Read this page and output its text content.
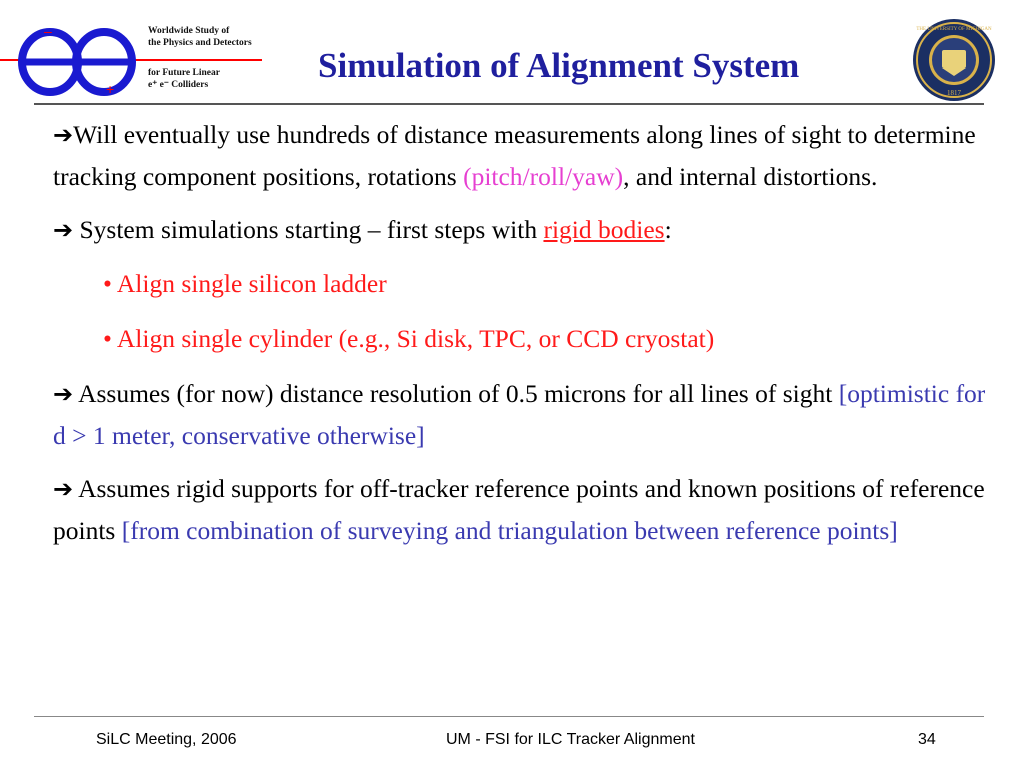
–
+
Worldwide Study of
the Physics and Detectors
for Future Linear
e⁺ e⁻ Colliders	Simulation of Alignment System
1817
THE UNIVERSITY OF MICHIGAN
➔Will eventually use hundreds of distance measurements along lines of sight to determine tracking component positions, rotations (pitch/roll/yaw), and internal distortions.
➔ System simulations starting – first steps with rigid bodies:
• Align single silicon ladder
• Align single cylinder (e.g., Si disk, TPC, or CCD cryostat)
➔ Assumes (for now) distance resolution of 0.5 microns for all lines of sight [optimistic for d > 1 meter, conservative otherwise]
➔ Assumes rigid supports for off-tracker reference points and known positions of reference points [from combination of surveying and triangulation between reference points]
SiLC Meeting, 2006	UM - FSI for ILC Tracker Alignment	34
